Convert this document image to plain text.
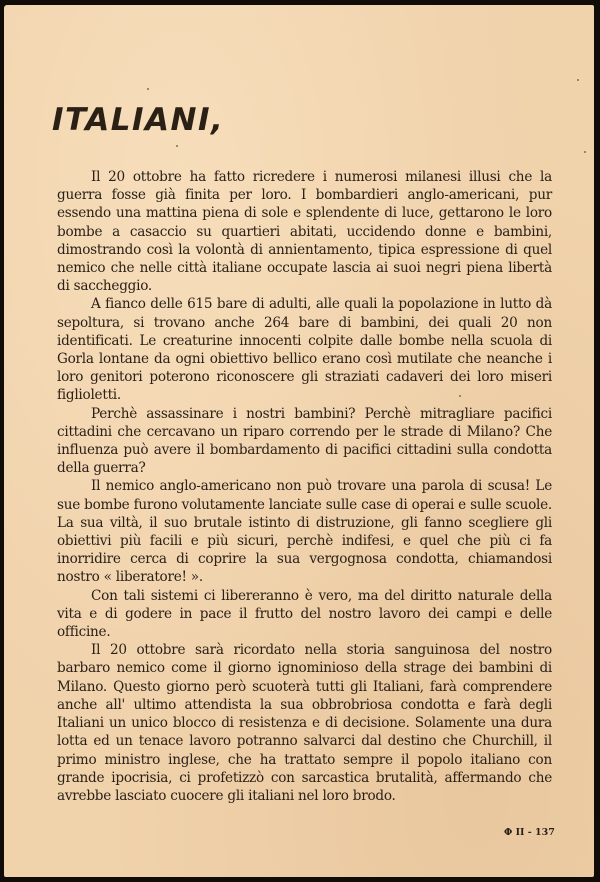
ITALIANI,

Il 20 ottobre ha fatto ricredere i numerosi milanesi illusi che la guerra fosse già finita per loro. I bombardieri anglo-americani, pur essendo una mattina piena di sole e splendente di luce, gettarono le loro bombe a casaccio su quartieri abitati, uccidendo donne e bambini, dimostrando così la volontà di annientamento, tipica espressione di quel nemico che nelle città italiane occupate lascia ai suoi negri piena libertà di saccheggio.

A fianco delle 615 bare di adulti, alle quali la popolazione in lutto dà sepoltura, si trovano anche 264 bare di bambini, dei quali 20 non identificati. Le creaturine innocenti colpite dalle bombe nella scuola di Gorla lontane da ogni obiettivo bellico erano così mutilate che neanche i loro genitori poterono riconoscere gli straziati cadaveri dei loro miseri figlioletti.

Perchè assassinare i nostri bambini? Perchè mitragliare pacifici cittadini che cercavano un riparo correndo per le strade di Milano? Che influenza può avere il bombardamento di pacifici cittadini sulla condotta della guerra?

Il nemico anglo-americano non può trovare una parola di scusa! Le sue bombe furono volutamente lanciate sulle case di operai e sulle scuole. La sua viltà, il suo brutale istinto di distruzione, gli fanno scegliere gli obiettivi più facili e più sicuri, perchè indifesi, e quel che più ci fa inorridire cerca di coprire la sua vergognosa condotta, chiamandosi nostro « liberatore! ».

Con tali sistemi ci libereranno è vero, ma del diritto naturale della vita e di godere in pace il frutto del nostro lavoro dei campi e delle officine.

Il 20 ottobre sarà ricordato nella storia sanguinosa del nostro barbaro nemico come il giorno ignominioso della strage dei bambini di Milano. Questo giorno però scuoterà tutti gli Italiani, farà comprendere anche all' ultimo attendista la sua obbrobriosa condotta e farà degli Italiani un unico blocco di resistenza e di decisione. Solamente una dura lotta ed un tenace lavoro potranno salvarci dal destino che Churchill, il primo ministro inglese, che ha trattato sempre il popolo italiano con grande ipocrisia, ci profetizzò con sarcastica brutalità, affermando che avrebbe lasciato cuocere gli italiani nel loro brodo.

Φ II - 137
